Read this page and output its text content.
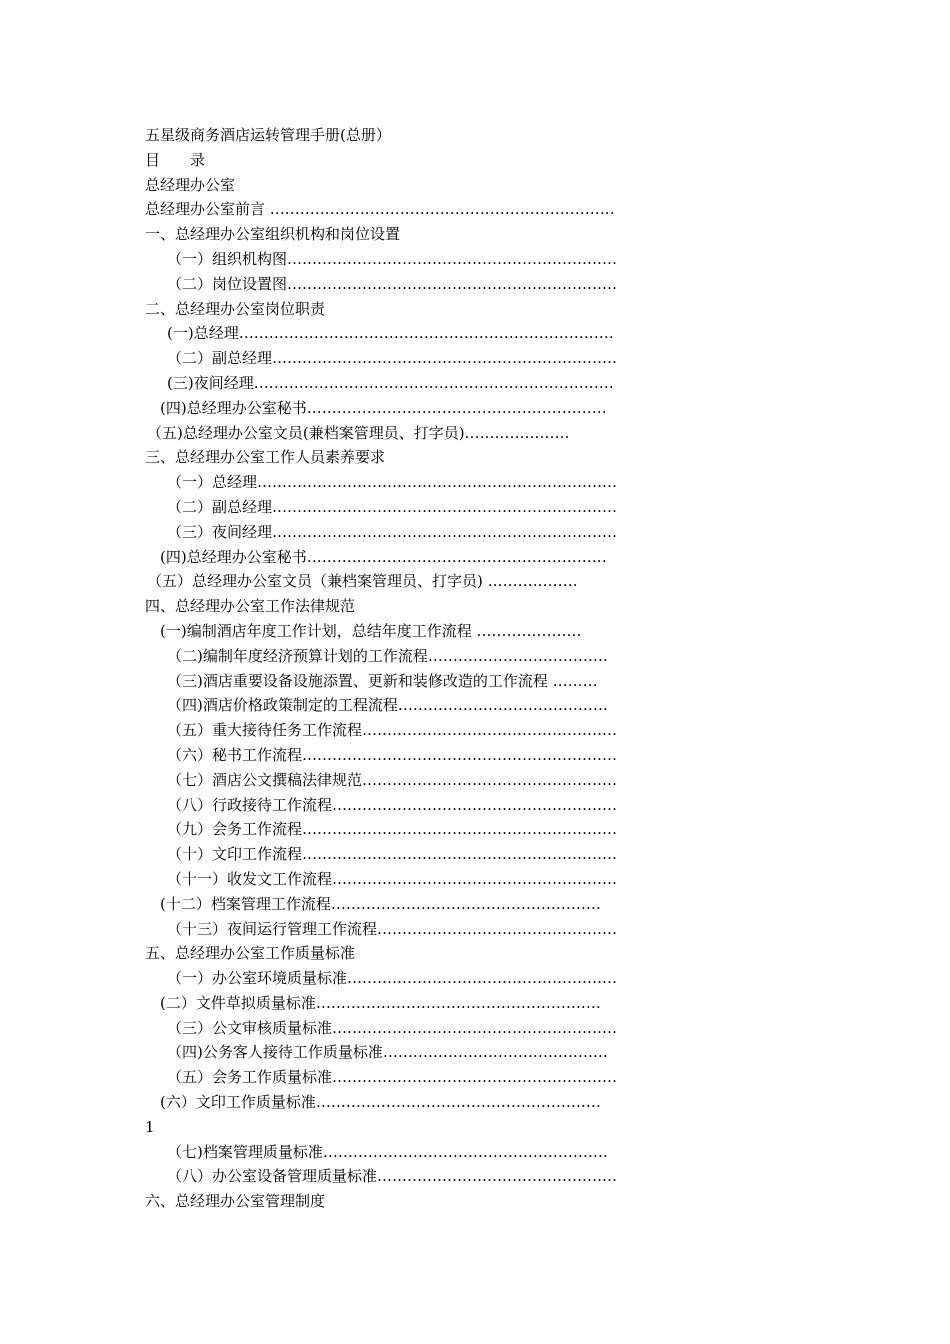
五星级商务酒店运转管理手册(总册）
目 录
总经理办公室
总经理办公室前言 ……………………………………………………………
一、总经理办公室组织机构和岗位设置
（一）组织机构图…………………………………………………………
（二）岗位设置图…………………………………………………………
二、总经理办公室岗位职责
(一)总经理…………………………………………………………………
（二）副总经理……………………………………………………………
(三)夜间经理………………………………………………………………
(四)总经理办公室秘书……………………………………………………
（五)总经理办公室文员(兼档案管理员、打字员)…………………
三、总经理办公室工作人员素养要求
（一）总经理………………………………………………………………
（二）副总经理……………………………………………………………
（三）夜间经理……………………………………………………………
(四)总经理办公室秘书……………………………………………………
（五）总经理办公室文员（兼档案管理员、打字员) ………………
四、总经理办公室工作法律规范
(一)编制酒店年度工作计划，总结年度工作流程 …………………
（二)编制年度经济预算计划的工作流程………………………………
（三)酒店重要设备设施添置、更新和装修改造的工作流程 ………
（四)酒店价格政策制定的工程流程……………………………………
（五）重大接待任务工作流程……………………………………………
（六）秘书工作流程………………………………………………………
（七）酒店公文撰稿法律规范……………………………………………
（八）行政接待工作流程…………………………………………………
（九）会务工作流程………………………………………………………
（十）文印工作流程………………………………………………………
（十一）收发文工作流程…………………………………………………
(十二）档案管理工作流程………………………………………………
（十三）夜间运行管理工作流程…………………………………………
五、总经理办公室工作质量标准
（一）办公室环境质量标准………………………………………………
(二）文件草拟质量标准…………………………………………………
（三）公文审核质量标准…………………………………………………
（四)公务客人接待工作质量标准………………………………………
（五）会务工作质量标准…………………………………………………
(六）文印工作质量标准…………………………………………………
1
（七)档案管理质量标准…………………………………………………
（八）办公室设备管理质量标准…………………………………………
六、总经理办公室管理制度
